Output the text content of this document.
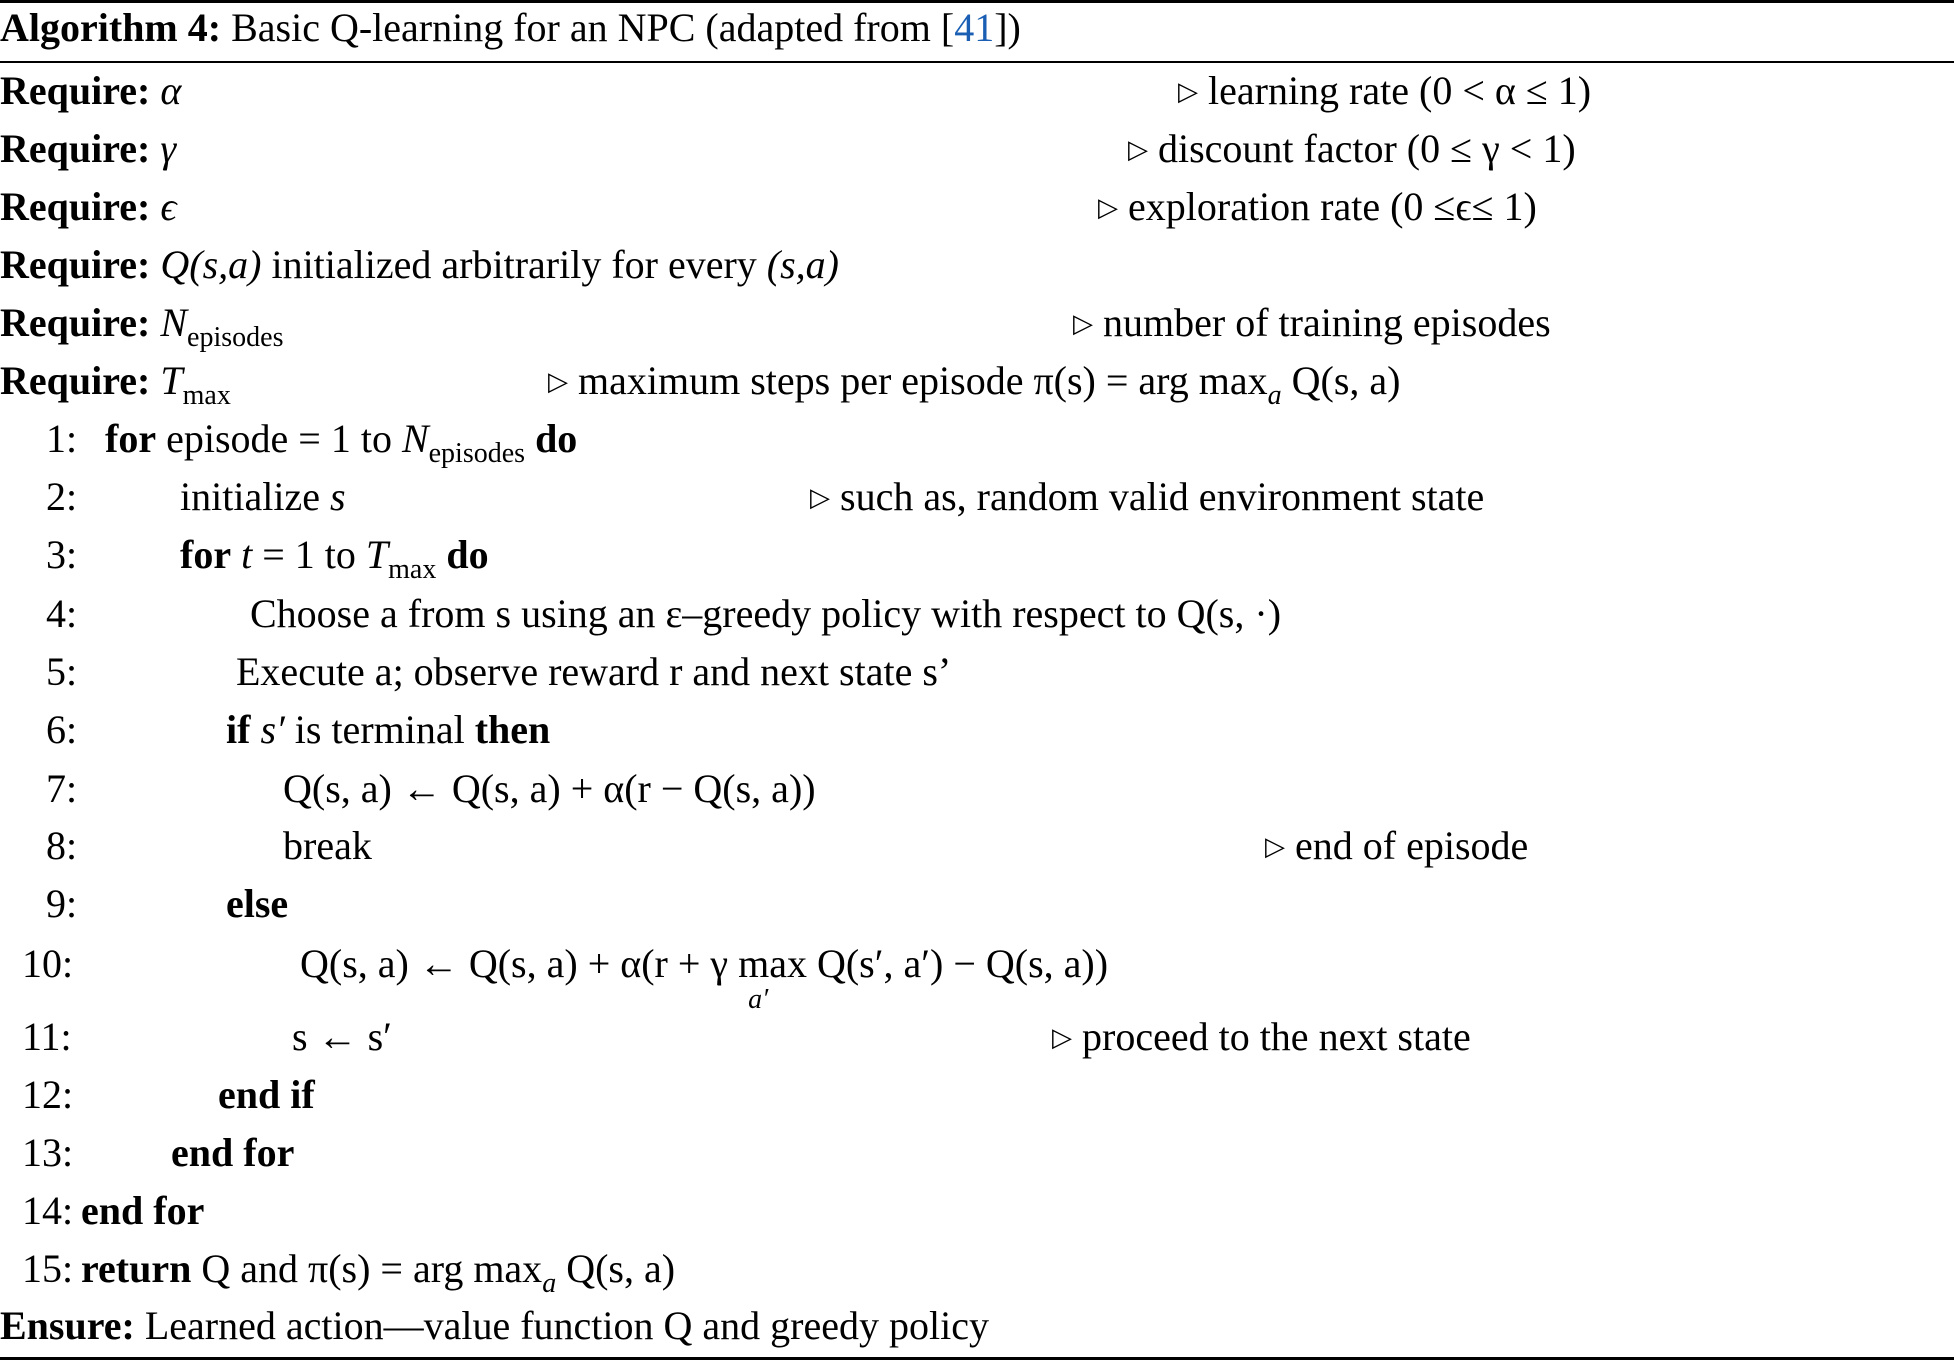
Algorithm 4: Basic Q-learning for an NPC (adapted from [41])
Require: α	▷ learning rate (0 < α ≤ 1)
Require: γ	▷ discount factor (0 ≤ γ < 1)
Require: ϵ	▷ exploration rate (0 ≤ϵ≤ 1)
Require: Q(s,a) initialized arbitrarily for every (s,a)
Require: $N_{episodes}$	▷ number of training episodes
Require: $T_{max}$	▷ maximum steps per episode π(s) = arg $\max_a Q(s$, a)
1: for episode = 1 to $N_{episodes}$ do
2:	initialize s	▷ such as, random valid environment state
3:	for t = 1 to $T_{max}$ do
4:	Choose a from s using an ε–greedy policy with respect to Q(s, ·)
5:	Execute a; observe reward r and next state s’
6:	if s′ is terminal then
7:	Q(s, a) ← Q(s, a) + α(r − Q(s, a))
8:	break	▷ end of episode
9:	else
10:	Q(s, a) ← Q(s, a) + α(r + γ max
a′
Q(s′, a′) − Q(s, a))
11:	s ← s′	▷ proceed to the next state
12:	end if
13: end for
14: end for
15: return Q and π(s) = arg $\max_a Q(s$, a)
Ensure: Learned action—value function Q and greedy policy
